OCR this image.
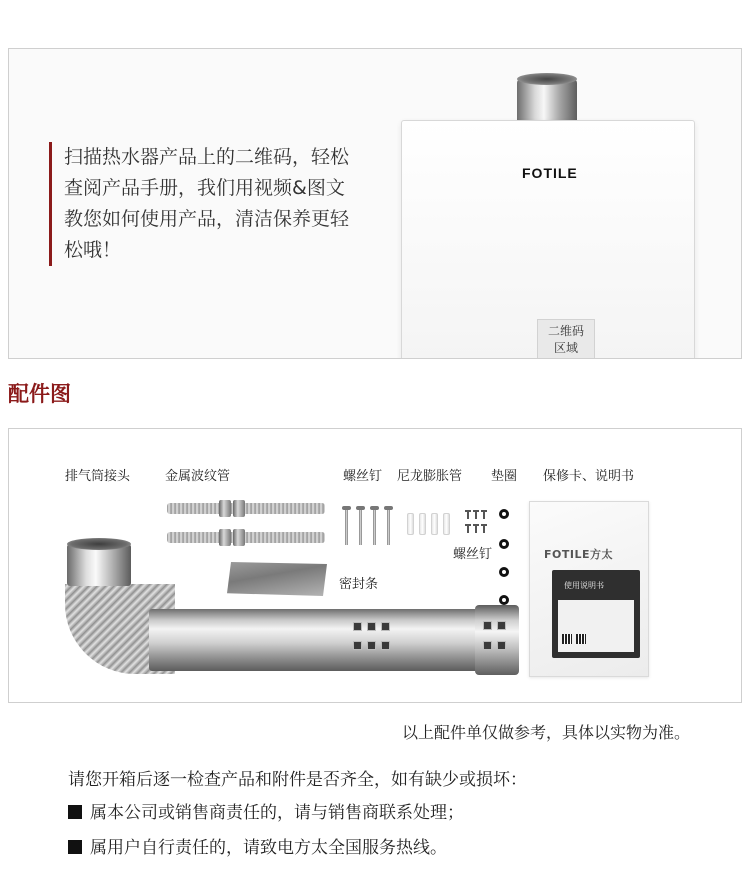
扫描热水器产品上的二维码，轻松查阅产品手册，我们用视频&图文教您如何使用产品，清洁保养更轻松哦！
FOTILE
二维码
区域
配件图
排气筒接头	金属波纹管	螺丝钉 尼龙膨胀管 垫圈 保修卡、说明书
螺丝钉
密封条
FOTILE方太
使用说明书
以上配件单仅做参考，具体以实物为准。
请您开箱后逐一检查产品和附件是否齐全，如有缺少或损坏：
属本公司或销售商责任的，请与销售商联系处理；
属用户自行责任的，请致电方太全国服务热线。
